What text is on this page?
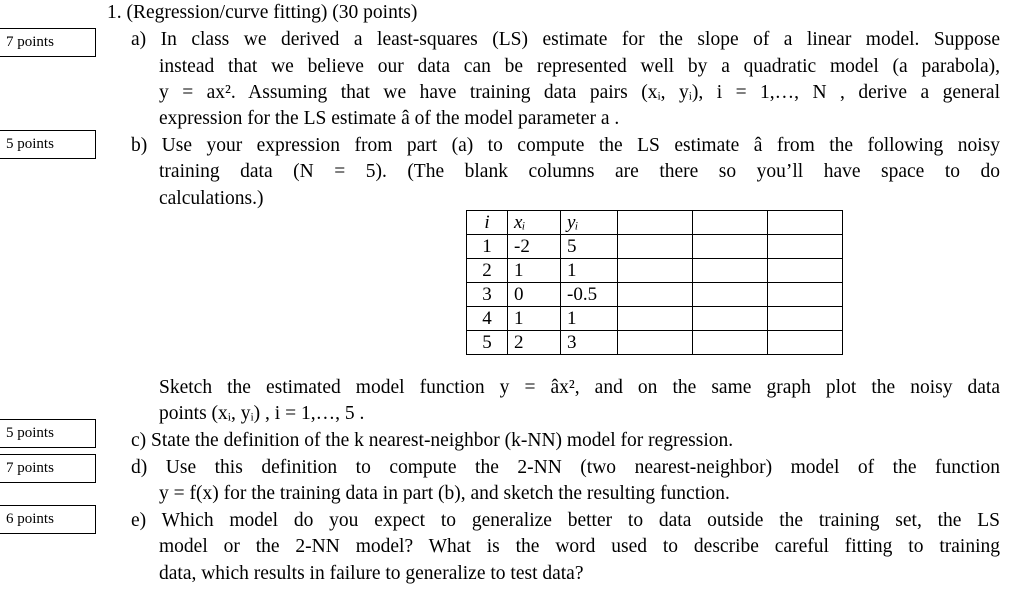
7 points
5 points
5 points
7 points
6 points
1. (Regression/curve fitting) (30 points)
a) In class we derived a least-squares (LS) estimate for the slope of a linear model. Suppose
instead that we believe our data can be represented well by a quadratic model (a parabola),
y = ax². Assuming that we have training data pairs (xᵢ, yᵢ), i = 1,…, N , derive a general
expression for the LS estimate â of the model parameter a .
b) Use your expression from part (a) to compute the LS estimate â from the following noisy
training data (N = 5). (The blank columns are there so you’ll have space to do
calculations.)
i	xᵢ	yᵢ			
1	-2	5			
2	1	1			
3	0	-0.5			
4	1	1			
5	2	3			
Sketch the estimated model function y = âx², and on the same graph plot the noisy data
points (xᵢ, yᵢ) , i = 1,…, 5 .
c) State the definition of the k nearest-neighbor (k-NN) model for regression.
d) Use this definition to compute the 2-NN (two nearest-neighbor) model of the function
y = f(x) for the training data in part (b), and sketch the resulting function.
e) Which model do you expect to generalize better to data outside the training set, the LS
model or the 2-NN model? What is the word used to describe careful fitting to training
data, which results in failure to generalize to test data?
